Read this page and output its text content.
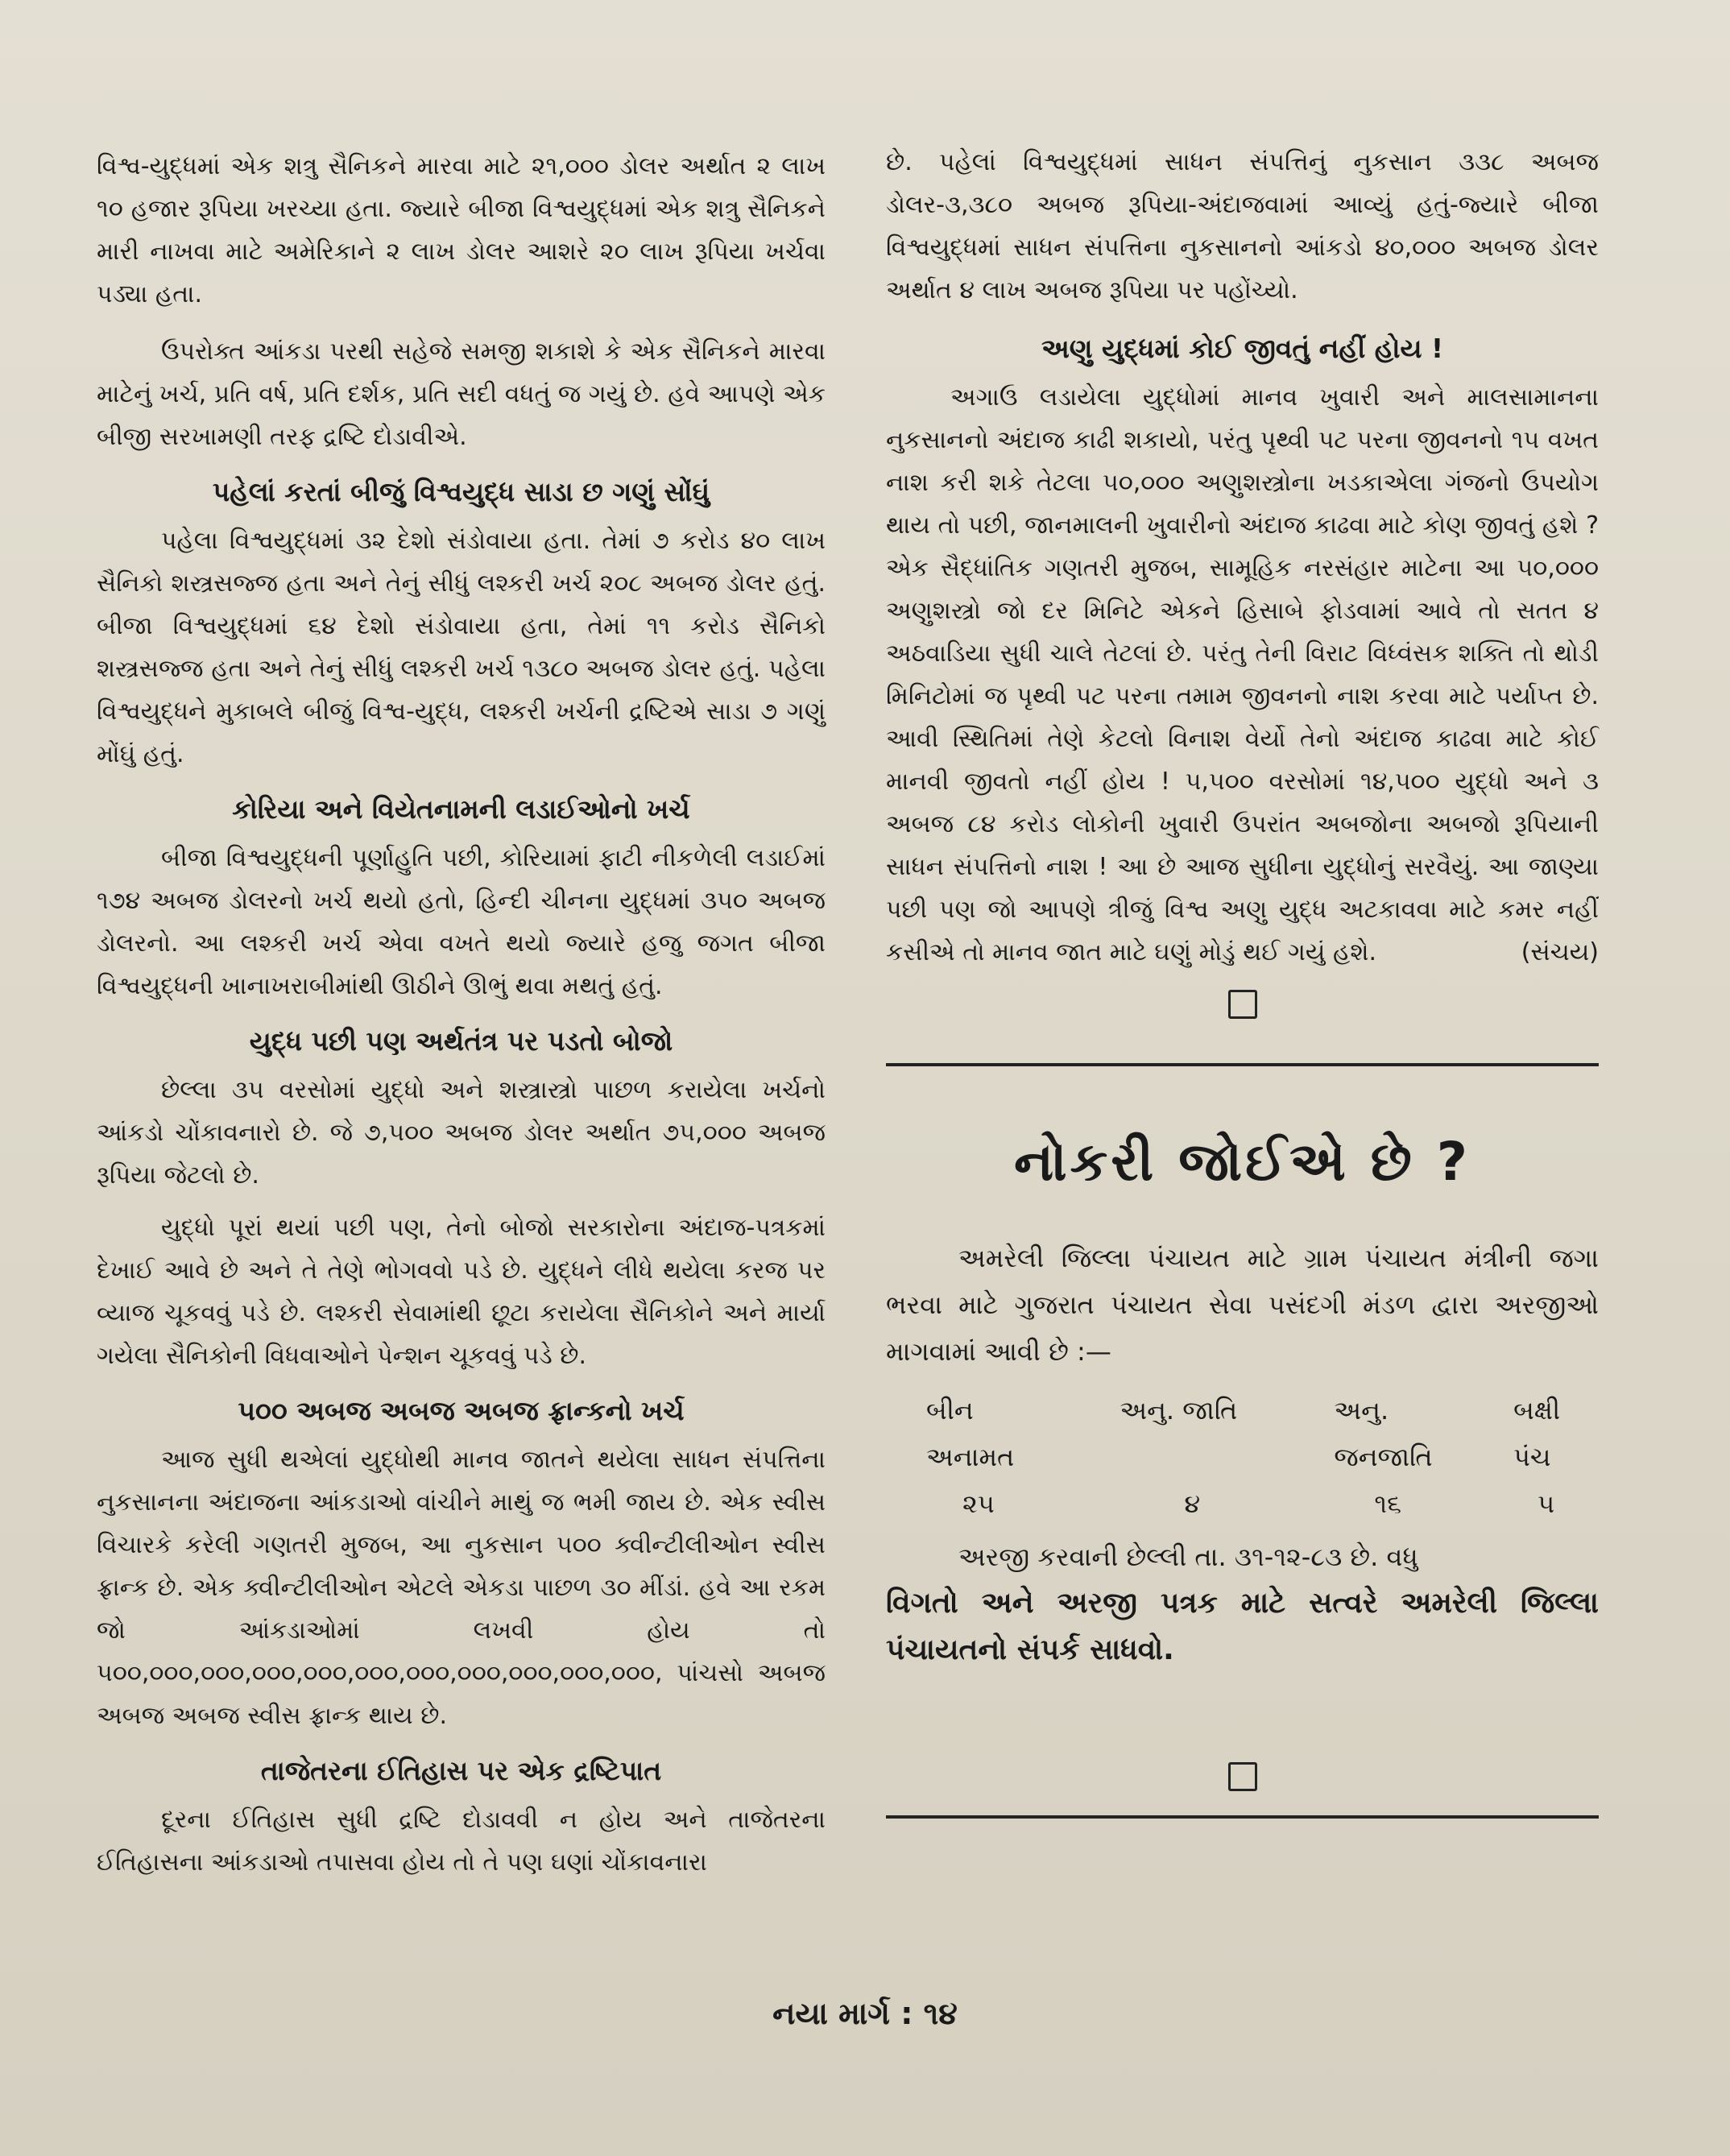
વિશ્વ-યુદ્ધમાં એક શત્રુ સૈનિકને મારવા માટે ૨૧,૦૦૦ ડોલર અર્થાત ૨ લાખ ૧૦ હજાર રૂપિયા ખરચ્યા હતા. જ્યારે બીજા વિશ્વયુદ્ધમાં એક શત્રુ સૈનિકને મારી નાખવા માટે અમેરિકાને ૨ લાખ ડોલર આશરે ૨૦ લાખ રૂપિયા ખર્ચવા પડ્યા હતા.

ઉપરોક્ત આંકડા પરથી સહેજે સમજી શકાશે કે એક સૈનિકને મારવા માટેનું ખર્ચ, પ્રતિ વર્ષ, પ્રતિ દર્શક, પ્રતિ સદી વધતું જ ગયું છે. હવે આપણે એક બીજી સરખામણી તરફ દ્રષ્ટિ દોડાવીએ.

પહેલાં કરતાં બીજું વિશ્વયુદ્ધ સાડા છ ગણું સોંઘું

પહેલા વિશ્વયુદ્ધમાં ૩૨ દેશો સંડોવાયા હતા. તેમાં ૭ કરોડ ૪૦ લાખ સૈનિકો શસ્ત્રસજ્જ હતા અને તેનું સીધું લશ્કરી ખર્ચ ૨૦૮ અબજ ડોલર હતું. બીજા વિશ્વયુદ્ધમાં ૬૪ દેશો સંડોવાયા હતા, તેમાં ૧૧ કરોડ સૈનિકો શસ્ત્રસજ્જ હતા અને તેનું સીધું લશ્કરી ખર્ચ ૧૩૮૦ અબજ ડોલર હતું. પહેલા વિશ્વયુદ્ધને મુકાબલે બીજું વિશ્વ-યુદ્ધ, લશ્કરી ખર્ચની દ્રષ્ટિએ સાડા ૭ ગણું મોંઘું હતું.

કોરિયા અને વિયેતનામની લડાઈઓનો ખર્ચ

બીજા વિશ્વયુદ્ધની પૂર્ણાહુતિ પછી, કોરિયામાં ફાટી નીકળેલી લડાઈમાં ૧૭૪ અબજ ડોલરનો ખર્ચ થયો હતો, હિન્દી ચીનના યુદ્ધમાં ૩૫૦ અબજ ડોલરનો. આ લશ્કરી ખર્ચ એવા વખતે થયો જ્યારે હજુ જગત બીજા વિશ્વયુદ્ધની ખાનાખરાબીમાંથી ઊઠીને ઊભું થવા મથતું હતું.

યુદ્ધ પછી પણ અર્થતંત્ર પર પડતો બોજો

છેલ્લા ૩૫ વરસોમાં યુદ્ધો અને શસ્ત્રાસ્ત્રો પાછળ કરાયેલા ખર્ચનો આંકડો ચોંકાવનારો છે. જે ૭,૫૦૦ અબજ ડોલર અર્થાત ૭૫,૦૦૦ અબજ રૂપિયા જેટલો છે.

યુદ્ધો પૂરાં થયાં પછી પણ, તેનો બોજો સરકારોના અંદાજ-પત્રકમાં દેખાઈ આવે છે અને તે તેણે ભોગવવો પડે છે. યુદ્ધને લીધે થયેલા કરજ પર વ્યાજ ચૂકવવું પડે છે. લશ્કરી સેવામાંથી છૂટા કરાયેલા સૈનિકોને અને માર્યા ગયેલા સૈનિકોની વિધવાઓને પેન્શન ચૂકવવું પડે છે.

૫૦૦ અબજ અબજ અબજ ફ્રાન્કનો ખર્ચ

આજ સુધી થએલાં યુદ્ધોથી માનવ જાતને થયેલા સાધન સંપત્તિના નુકસાનના અંદાજના આંકડાઓ વાંચીને માથું જ ભમી જાય છે. એક સ્વીસ વિચારકે કરેલી ગણતરી મુજબ, આ નુકસાન ૫૦૦ ક્વીન્ટીલીઓન સ્વીસ ફ્રાન્ક છે. એક ક્વીન્ટીલીઓન એટલે એકડા પાછળ ૩૦ મીંડાં. હવે આ રકમ જો આંકડાઓમાં લખવી હોય તો ૫૦૦,૦૦૦,૦૦૦,૦૦૦,૦૦૦,૦૦૦,૦૦૦,૦૦૦,૦૦૦,૦૦૦,૦૦૦, પાંચસો અબજ અબજ અબજ સ્વીસ ફ્રાન્ક થાય છે.

તાજેતરના ઈતિહાસ પર એક દ્રષ્ટિપાત

દૂરના ઈતિહાસ સુધી દ્રષ્ટિ દોડાવવી ન હોય અને તાજેતરના ઈતિહાસના આંકડાઓ તપાસવા હોય તો તે પણ ઘણાં ચોંકાવનારા

છે. પહેલાં વિશ્વયુદ્ધમાં સાધન સંપત્તિનું નુકસાન ૩૩૮ અબજ ડોલર-૩,૩૮૦ અબજ રૂપિયા-અંદાજવામાં આવ્યું હતું-જ્યારે બીજા વિશ્વયુદ્ધમાં સાધન સંપત્તિના નુકસાનનો આંકડો ૪૦,૦૦૦ અબજ ડોલર અર્થાત ૪ લાખ અબજ રૂપિયા પર પહોંચ્યો.

અણુ યુદ્ધમાં કોઈ જીવતું નહીં હોય !

અગાઉ લડાયેલા યુદ્ધોમાં માનવ ખુવારી અને માલસામાનના નુકસાનનો અંદાજ કાઢી શકાયો, પરંતુ પૃથ્વી પટ પરના જીવનનો ૧૫ વખત નાશ કરી શકે તેટલા ૫૦,૦૦૦ અણુશસ્ત્રોના ખડકાએલા ગંજનો ઉપયોગ થાય તો પછી, જાનમાલની ખુવારીનો અંદાજ કાઢવા માટે કોણ જીવતું હશે ? એક સૈદ્ધાંતિક ગણતરી મુજબ, સામૂહિક નરસંહાર માટેના આ ૫૦,૦૦૦ અણુશસ્ત્રો જો દર મિનિટે એકને હિસાબે ફોડવામાં આવે તો સતત ૪ અઠવાડિયા સુધી ચાલે તેટલાં છે. પરંતુ તેની વિરાટ વિધ્વંસક શક્તિ તો થોડી મિનિટોમાં જ પૃથ્વી પટ પરના તમામ જીવનનો નાશ કરવા માટે પર્યાપ્ત છે. આવી સ્થિતિમાં તેણે કેટલો વિનાશ વેર્યો તેનો અંદાજ કાઢવા માટે કોઈ માનવી જીવતો નહીં હોય ! ૫,૫૦૦ વરસોમાં ૧૪,૫૦૦ યુદ્ધો અને ૩ અબજ ૮૪ કરોડ લોકોની ખુવારી ઉપરાંત અબજોના અબજો રૂપિયાની સાધન સંપત્તિનો નાશ ! આ છે આજ સુધીના યુદ્ધોનું સરવૈયું. આ જાણ્યા પછી પણ જો આપણે ત્રીજું વિશ્વ અણુ યુદ્ધ અટકાવવા માટે કમર નહીં કસીએ તો માનવ જાત માટે ઘણું મોડું થઈ ગયું હશે.	(સંચય)
નોકરી જોઈએ છે ?

અમરેલી જિલ્લા પંચાયત માટે ગ્રામ પંચાયત મંત્રીની જગા ભરવા માટે ગુજરાત પંચાયત સેવા પસંદગી મંડળ દ્વારા અરજીઓ માગવામાં આવી છે :—

બીન	અનુ. જાતિ	અનુ.	બક્ષી
અનામત		જનજાતિ	પંચ
૨૫	૪	૧૬	૫

અરજી કરવાની છેલ્લી તા. ૩૧-૧૨-૮૩ છે. વધુ

વિગતો અને અરજી પત્રક માટે સત્વરે અમરેલી જિલ્લા પંચાયતનો સંપર્ક સાધવો.

નયા માર્ગ : ૧૪
